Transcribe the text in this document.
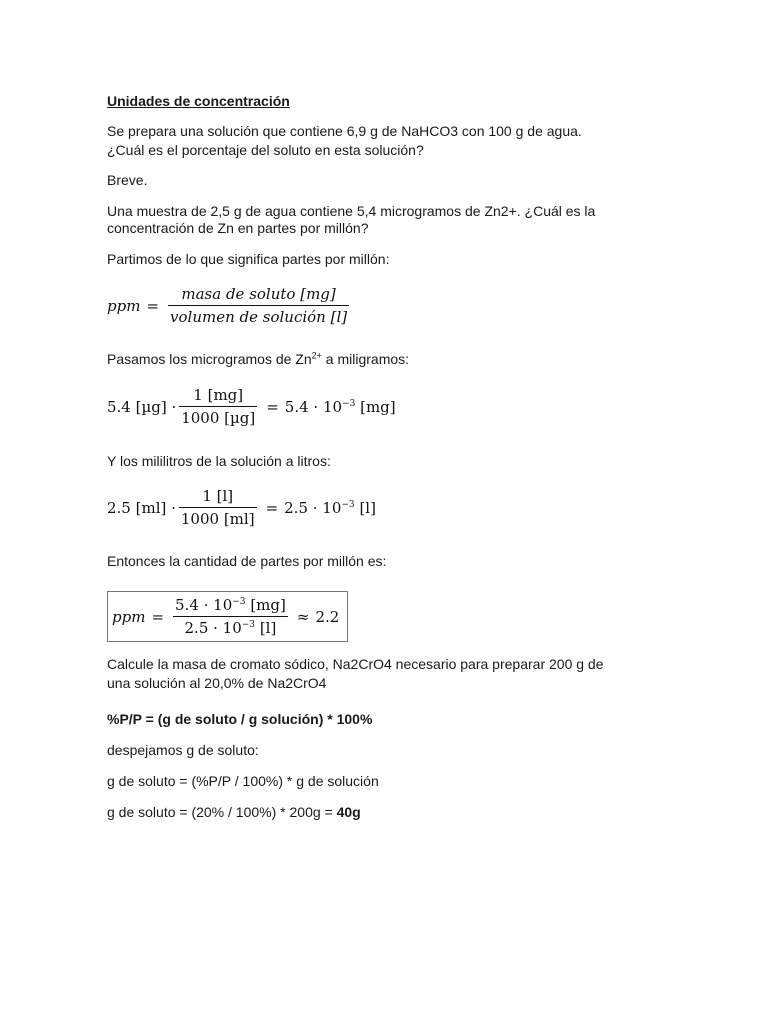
Unidades de concentración
Se prepara una solución que contiene 6,9 g de NaHCO3 con 100 g de agua.
¿Cuál es el porcentaje del soluto en esta solución?
Breve.
Una muestra de 2,5 g de agua contiene 5,4 microgramos de Zn2+. ¿Cuál es la
concentración de Zn en partes por millón?
Partimos de lo que significa partes por millón:
ppm = $\frac{\text{masa de soluto [mg]}}{\text{volumen de solución [l]}}$
Pasamos los microgramos de $Zn^{2+}$ a miligramos:
5.4 $[\mu g] \cdot \frac{1 [mg]}{\text{1000 [µg]}} = 5.4 \cdot 10^{-3}$ [mg]
Y los mililitros de la solución a litros:
2.5 $[ml] \cdot \frac{1 [l]}{1000 [ml]} = 2.5 \cdot 10^{-3}$ [l]
Entonces la cantidad de partes por millón es:
ppm = $\frac{5.4 \cdot 10^{-3} [mg]}{2.5 \cdot 10^{-3} [l]} \approx 2.2$
Calcule la masa de cromato sódico, Na2CrO4 necesario para preparar 200 g de
una solución al 20,0% de Na2CrO4
%P/P = (g de soluto / g solución) * 100%
despejamos g de soluto:
g de soluto = (%P/P / 100%) * g de solución
g de soluto = (20% / 100%) * 200g = 40g
